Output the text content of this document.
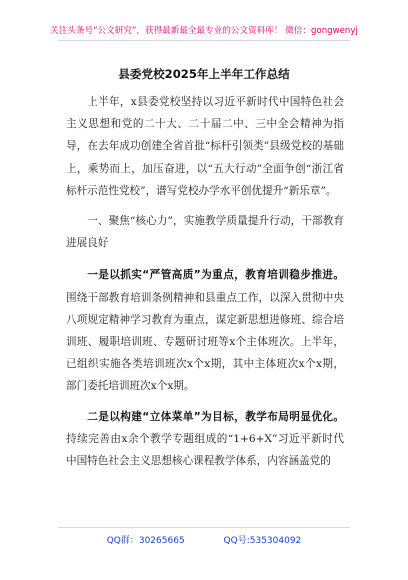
关注头条号“公文研究”，获得最新最全最专业的公文资料库！ 微信：gongwenyj
县委党校2025年上半年工作总结

上半年，x县委党校坚持以习近平新时代中国特色社会主义思想和党的二十大、二十届二中、三中全会精神为指导，在去年成功创建全省首批“标杆引领类”县级党校的基础上，乘势而上，加压奋进，以“五大行动”全面争创“浙江省标杆示范性党校”，谱写党校办学水平创优提升“新乐章”。

一、聚焦“核心力”，实施教学质量提升行动，干部教育进展良好

一是以抓实“严管高质”为重点，教育培训稳步推进。围绕干部教育培训条例精神和县重点工作，以深入贯彻中央八项规定精神学习教育为重点，谋定新思想进修班、综合培训班、履职培训班、专题研讨班等x个主体班次。上半年，已组织实施各类培训班次x个x期，其中主体班次x个x期，部门委托培训班次x个x期。

二是以构建“立体菜单”为目标，教学布局明显优化。持续完善由x余个教学专题组成的“1+6+X”习近平新时代中国特色社会主义思想核心课程教学体系，内容涵盖党的

QQ群：30265665	QQ号:535304092
